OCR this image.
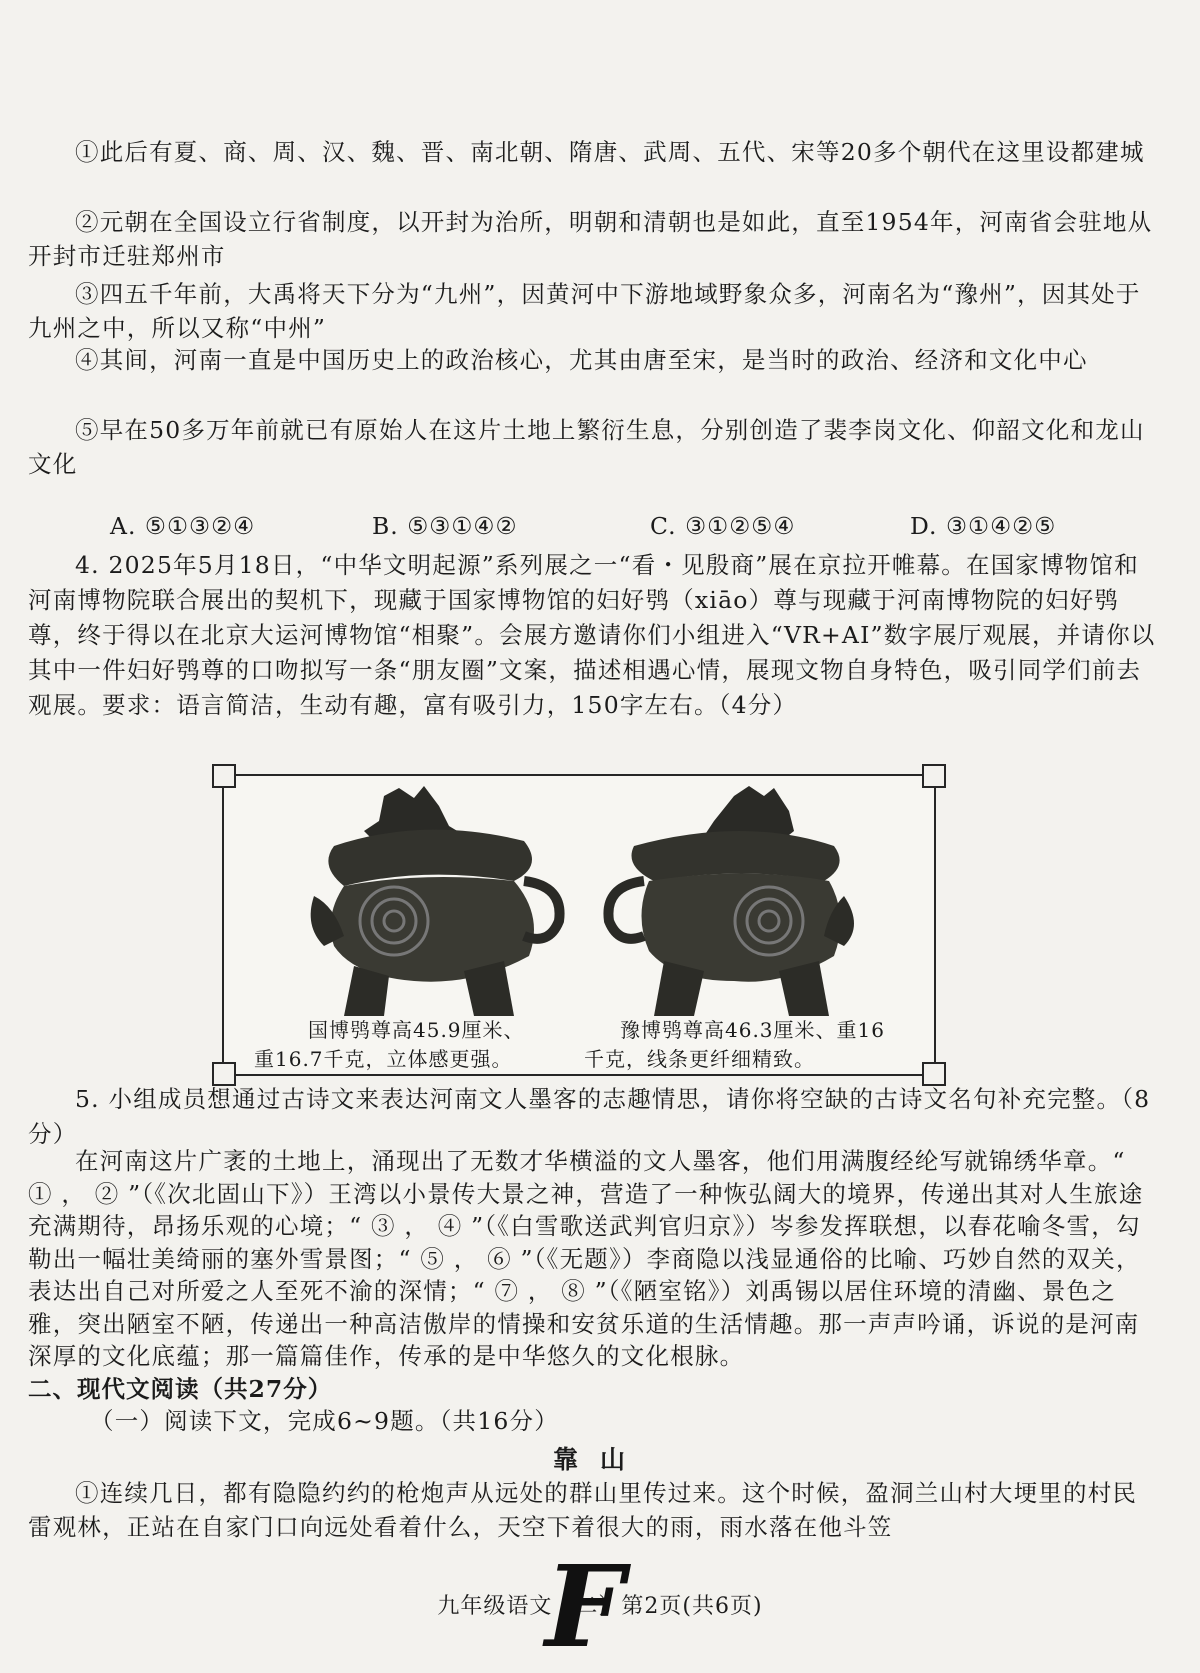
①此后有夏、商、周、汉、魏、晋、南北朝、隋唐、武周、五代、宋等20多个朝代在这里设都建城
②元朝在全国设立行省制度，以开封为治所，明朝和清朝也是如此，直至1954年，河南省会驻地从开封市迁驻郑州市
③四五千年前，大禹将天下分为“九州”，因黄河中下游地域野象众多，河南名为“豫州”，因其处于九州之中，所以又称“中州”
④其间，河南一直是中国历史上的政治核心，尤其由唐至宋，是当时的政治、经济和文化中心
⑤早在50多万年前就已有原始人在这片土地上繁衍生息，分别创造了裴李岗文化、仰韶文化和龙山文化
A. ⑤①③②④	B. ⑤③①④②	C. ③①②⑤④	D. ③①④②⑤
4. 2025年5月18日，“中华文明起源”系列展之一“看・见殷商”展在京拉开帷幕。在国家博物馆和河南博物院联合展出的契机下，现藏于国家博物馆的妇好鸮（xiāo）尊与现藏于河南博物院的妇好鸮尊，终于得以在北京大运河博物馆“相聚”。会展方邀请你们小组进入“VR+AI”数字展厅观展，并请你以其中一件妇好鸮尊的口吻拟写一条“朋友圈”文案，描述相遇心情，展现文物自身特色，吸引同学们前去观展。要求：语言简洁，生动有趣，富有吸引力，150字左右。（4分）
国博鸮尊高45.9厘米、重16.7千克，立体感更强。
豫博鸮尊高46.3厘米、重16千克，线条更纤细精致。
5. 小组成员想通过古诗文来表达河南文人墨客的志趣情思，请你将空缺的古诗文名句补充完整。（8分）
在河南这片广袤的土地上，涌现出了无数才华横溢的文人墨客，他们用满腹经纶写就锦绣华章。“ ① ， ② ”（《次北固山下》）王湾以小景传大景之神，营造了一种恢弘阔大的境界，传递出其对人生旅途充满期待，昂扬乐观的心境；“ ③ ， ④ ”（《白雪歌送武判官归京》）岑参发挥联想，以春花喻冬雪，勾勒出一幅壮美绮丽的塞外雪景图；“ ⑤ ， ⑥ ”（《无题》）李商隐以浅显通俗的比喻、巧妙自然的双关，表达出自己对所爱之人至死不渝的深情；“ ⑦ ， ⑧ ”（《陋室铭》）刘禹锡以居住环境的清幽、景色之雅，突出陋室不陋，传递出一种高洁傲岸的情操和安贫乐道的生活情趣。那一声声吟诵，诉说的是河南深厚的文化底蕴；那一篇篇佳作，传承的是中华悠久的文化根脉。
二、现代文阅读（共27分）
（一）阅读下文，完成6~9题。（共16分）
靠山
①连续几日，都有隐隐约约的枪炮声从远处的群山里传过来。这个时候，盈洞兰山村大埂里的村民雷观林，正站在自家门口向远处看着什么，天空下着很大的雨，雨水落在他斗笠
九年级语文（二）第2页(共6页)
F
